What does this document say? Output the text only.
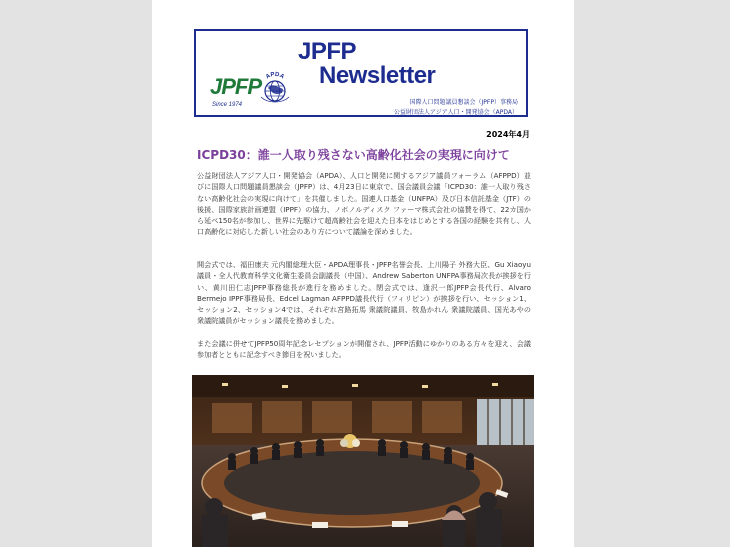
JPFP
Newsletter
JPFP
Since 1974
APDA
国際人口問題議員懇談会（JPFP）事務局
公益財団法人アジア人口・開発協会（APDA）
2024年4月
ICPD30：誰一人取り残さない高齢化社会の実現に向けて

公益財団法人アジア人口・開発協会（APDA）、人口と開発に関するアジア議員フォーラム（AFPPD）並びに国際人口問題議員懇談会（JPFP）は、4月23日に東京で、国会議員会議「ICPD30：誰一人取り残さない高齢化社会の実現に向けて」を共催しました。国連人口基金（UNFPA）及び日本信託基金（JTF）の後援、国際家族計画連盟（IPPF）の協力、ノボノルディスク ファーマ株式会社の協賛を得て、22カ国から延べ150名が参加し、世界に先駆けて超高齢社会を迎えた日本をはじめとする各国の経験を共有し、人口高齢化に対応した新しい社会のあり方について議論を深めました。

開会式では、福田康夫 元内閣総理大臣・APDA理事長・JPFP名誉会長、上川陽子 外務大臣、Gu Xiaoyu議員・全人代教育科学文化衛生委員会副議長（中国）、Andrew Saberton UNFPA事務局次長が挨拶を行い、黄川田仁志JPFP事務総長が進行を務めました。閉会式では、逢沢一郎JPFP会長代行、Alvaro Bermejo IPPF事務局長、Edcel Lagman AFPPD議長代行（フィリピン）が挨拶を行い、セッション1、セッション2、セッション4では、それぞれ宮路拓馬 衆議院議員、牧島かれん 衆議院議員、国光あやの 衆議院議員がセッション議長を務めました。

また会議に併せてJPFP50周年記念レセプションが開催され、JPFP活動にゆかりのある方々を迎え、会議参加者とともに記念すべき節目を祝いました。
